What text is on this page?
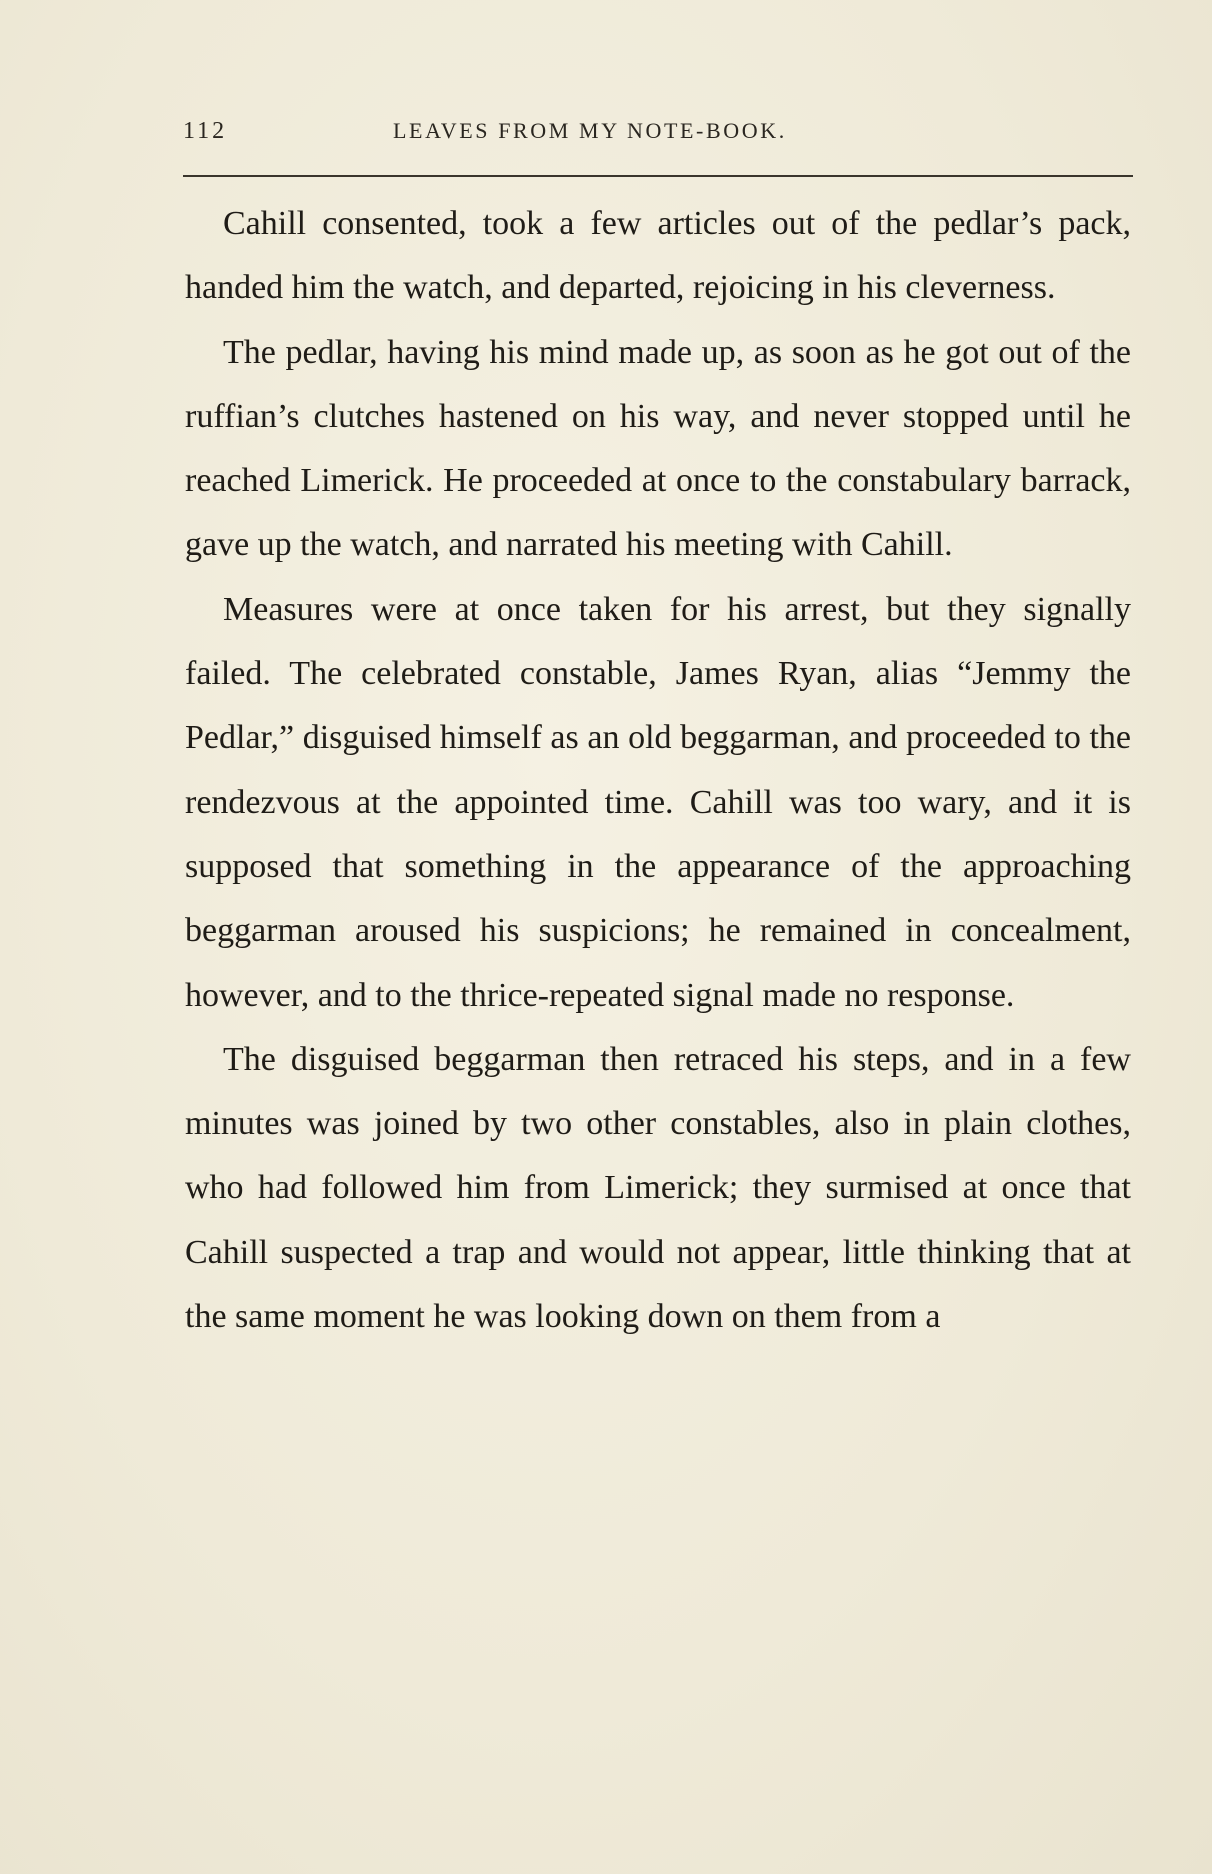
112	LEAVES FROM MY NOTE-BOOK.

Cahill consented, took a few articles out of the pedlar’s pack, handed him the watch, and departed, rejoicing in his cleverness.

The pedlar, having his mind made up, as soon as he got out of the ruffian’s clutches hastened on his way, and never stopped until he reached Limerick. He proceeded at once to the constabulary barrack, gave up the watch, and narrated his meeting with Cahill.

Measures were at once taken for his arrest, but they signally failed. The celebrated constable, James Ryan, alias “Jemmy the Pedlar,” disguised himself as an old beggarman, and proceeded to the rendezvous at the appointed time. Cahill was too wary, and it is supposed that something in the appearance of the approaching beggarman aroused his suspicions; he remained in concealment, however, and to the thrice-repeated signal made no response.

The disguised beggarman then retraced his steps, and in a few minutes was joined by two other constables, also in plain clothes, who had followed him from Limerick; they surmised at once that Cahill suspected a trap and would not appear, little thinking that at the same moment he was looking down on them from a
